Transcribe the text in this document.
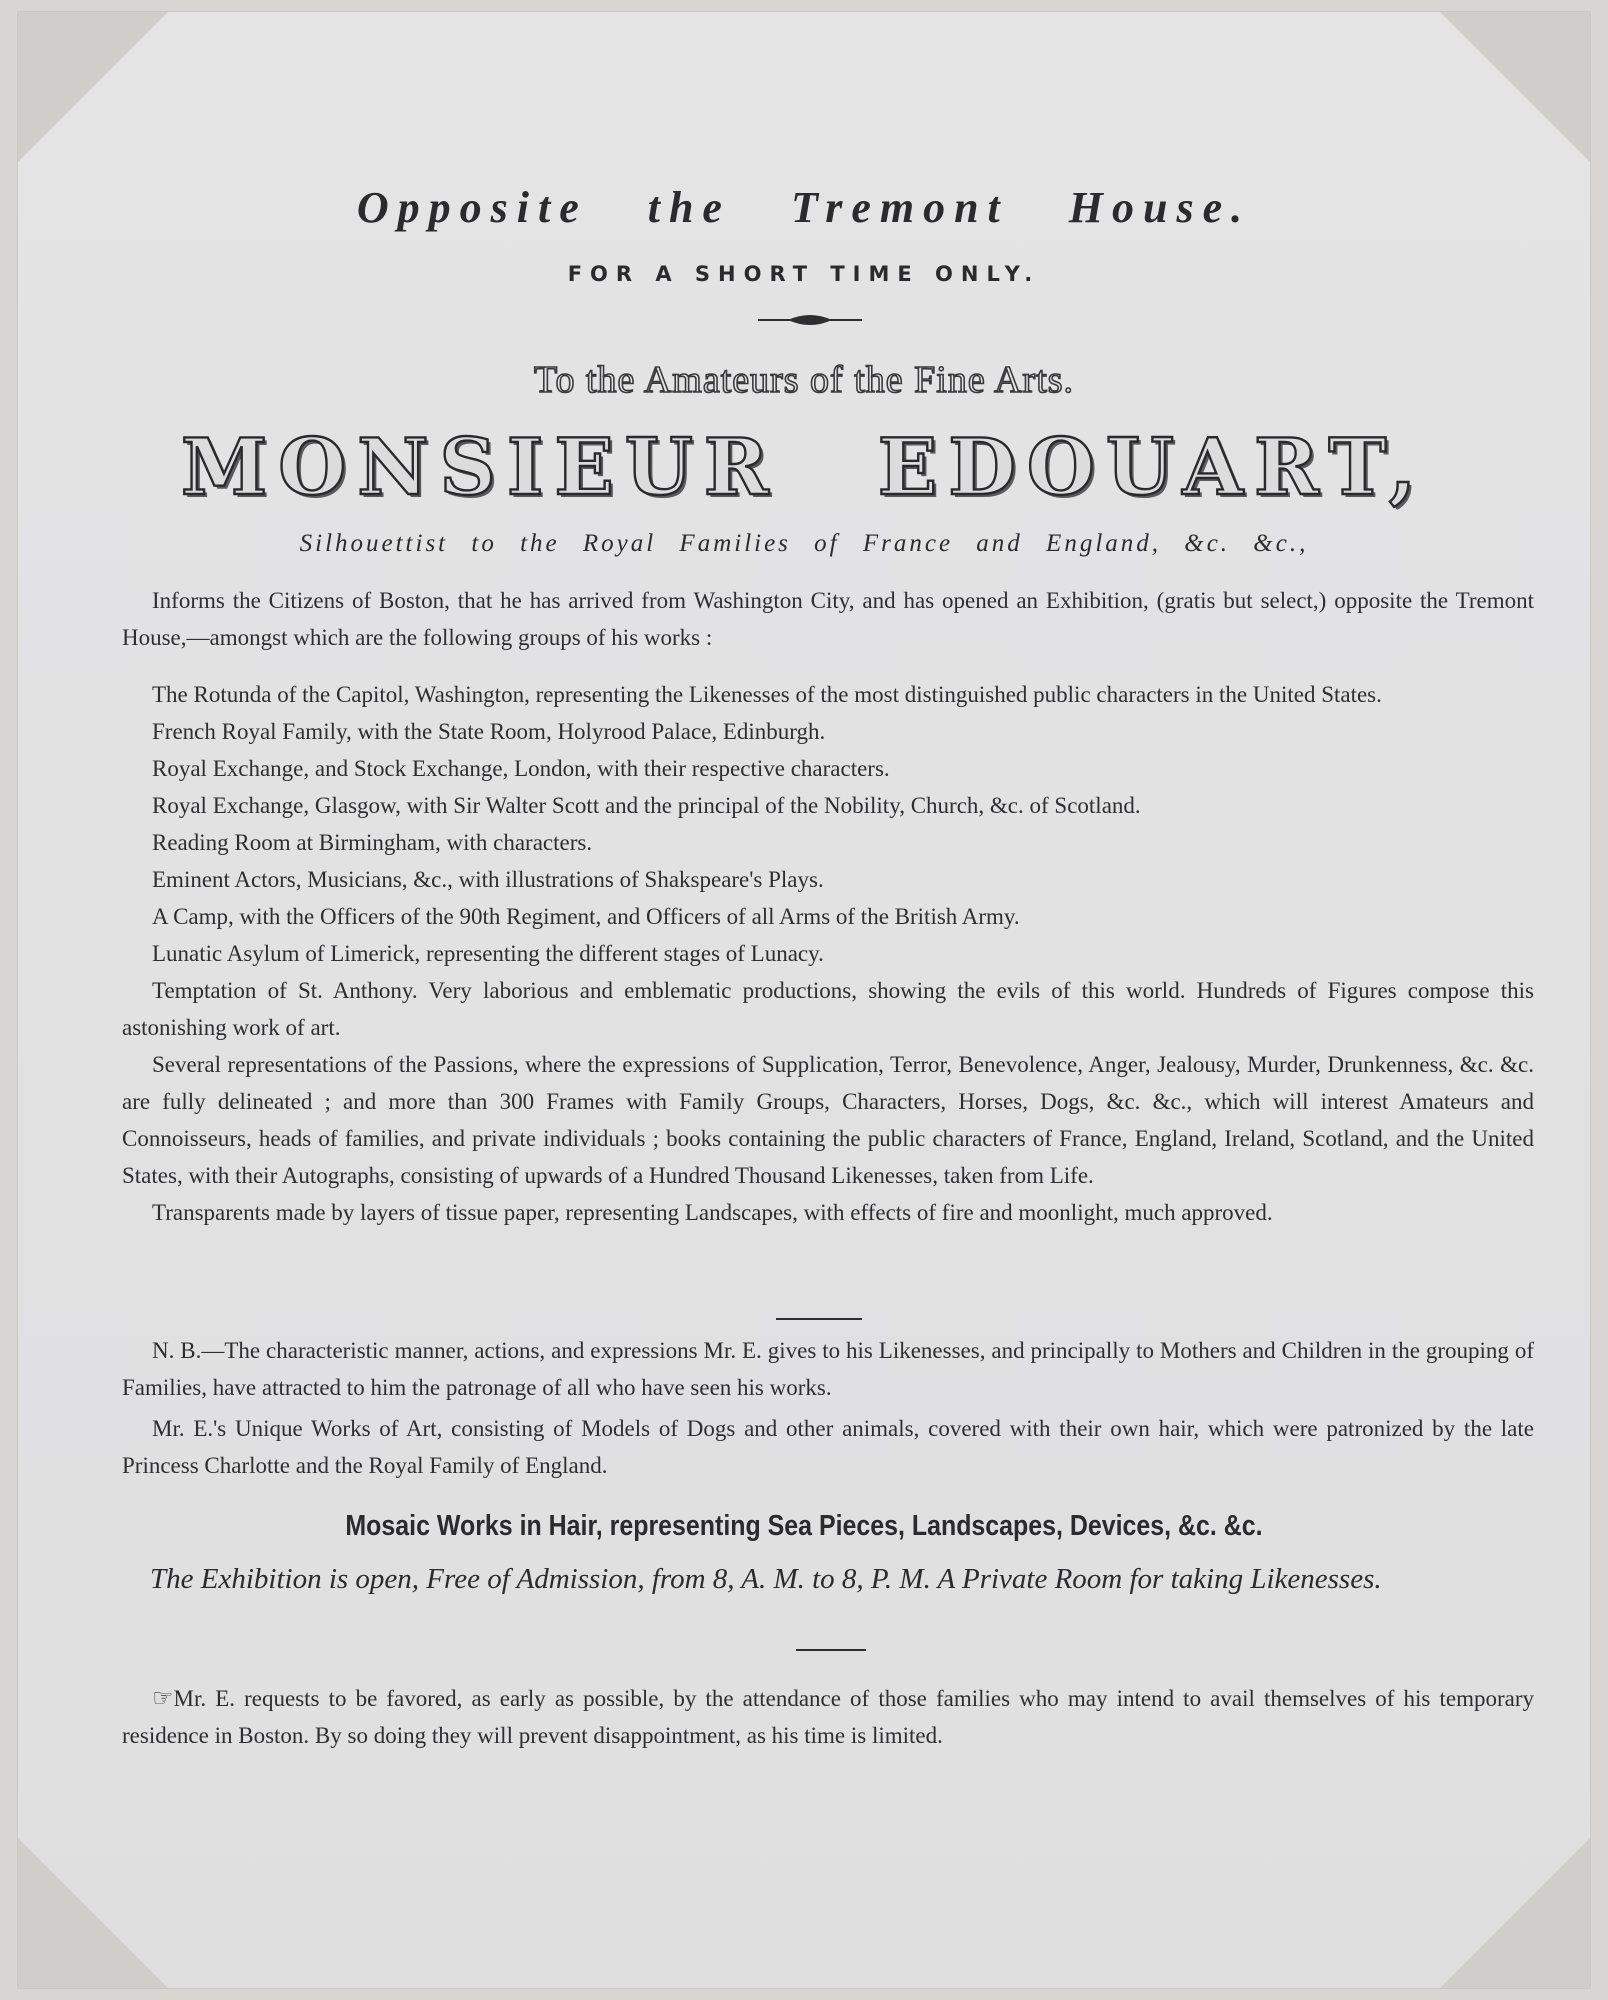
Opposite the Tremont House.
FOR A SHORT TIME ONLY.
To the Amateurs of the Fine Arts.
MONSIEUR EDOUART,
Silhouettist to the Royal Families of France and England, &c. &c.,

Informs the Citizens of Boston, that he has arrived from Washington City, and has opened an Exhibition, (gratis but select,) opposite the Tremont House,—amongst which are the following groups of his works :

The Rotunda of the Capitol, Washington, representing the Likenesses of the most distinguished public characters in the United States.

French Royal Family, with the State Room, Holyrood Palace, Edinburgh.

Royal Exchange, and Stock Exchange, London, with their respective characters.

Royal Exchange, Glasgow, with Sir Walter Scott and the principal of the Nobility, Church, &c. of Scotland.

Reading Room at Birmingham, with characters.

Eminent Actors, Musicians, &c., with illustrations of Shakspeare's Plays.

A Camp, with the Officers of the 90th Regiment, and Officers of all Arms of the British Army.

Lunatic Asylum of Limerick, representing the different stages of Lunacy.

Temptation of St. Anthony. Very laborious and emblematic productions, showing the evils of this world. Hundreds of Figures compose this astonishing work of art.

Several representations of the Passions, where the expressions of Supplication, Terror, Benevolence, Anger, Jealousy, Murder, Drunkenness, &c. &c. are fully delineated ; and more than 300 Frames with Family Groups, Characters, Horses, Dogs, &c. &c., which will interest Amateurs and Connoisseurs, heads of families, and private individuals ; books containing the public characters of France, England, Ireland, Scotland, and the United States, with their Autographs, consisting of upwards of a Hundred Thousand Likenesses, taken from Life.

Transparents made by layers of tissue paper, representing Landscapes, with effects of fire and moonlight, much approved.

N. B.—The characteristic manner, actions, and expressions Mr. E. gives to his Likenesses, and principally to Mothers and Children in the grouping of Families, have attracted to him the patronage of all who have seen his works.

Mr. E.'s Unique Works of Art, consisting of Models of Dogs and other animals, covered with their own hair, which were patronized by the late Princess Charlotte and the Royal Family of England.

Mosaic Works in Hair, representing Sea Pieces, Landscapes, Devices, &c. &c.

The Exhibition is open, Free of Admission, from 8, A. M. to 8, P. M. A Private Room for taking Likenesses.

☞Mr. E. requests to be favored, as early as possible, by the attendance of those families who may intend to avail themselves of his temporary residence in Boston. By so doing they will prevent disappointment, as his time is limited.
